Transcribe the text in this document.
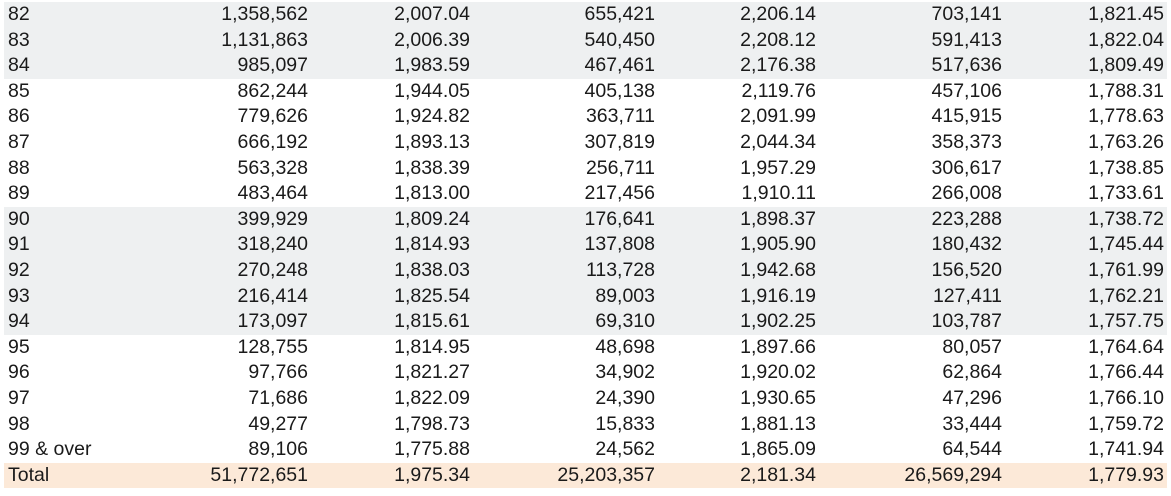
82	1,358,562	2,007.04	655,421	2,206.14	703,141	1,821.45
83	1,131,863	2,006.39	540,450	2,208.12	591,413	1,822.04
84	985,097	1,983.59	467,461	2,176.38	517,636	1,809.49
85	862,244	1,944.05	405,138	2,119.76	457,106	1,788.31
86	779,626	1,924.82	363,711	2,091.99	415,915	1,778.63
87	666,192	1,893.13	307,819	2,044.34	358,373	1,763.26
88	563,328	1,838.39	256,711	1,957.29	306,617	1,738.85
89	483,464	1,813.00	217,456	1,910.11	266,008	1,733.61
90	399,929	1,809.24	176,641	1,898.37	223,288	1,738.72
91	318,240	1,814.93	137,808	1,905.90	180,432	1,745.44
92	270,248	1,838.03	113,728	1,942.68	156,520	1,761.99
93	216,414	1,825.54	89,003	1,916.19	127,411	1,762.21
94	173,097	1,815.61	69,310	1,902.25	103,787	1,757.75
95	128,755	1,814.95	48,698	1,897.66	80,057	1,764.64
96	97,766	1,821.27	34,902	1,920.02	62,864	1,766.44
97	71,686	1,822.09	24,390	1,930.65	47,296	1,766.10
98	49,277	1,798.73	15,833	1,881.13	33,444	1,759.72
99 & over	89,106	1,775.88	24,562	1,865.09	64,544	1,741.94
Total	51,772,651	1,975.34	25,203,357	2,181.34	26,569,294	1,779.93
